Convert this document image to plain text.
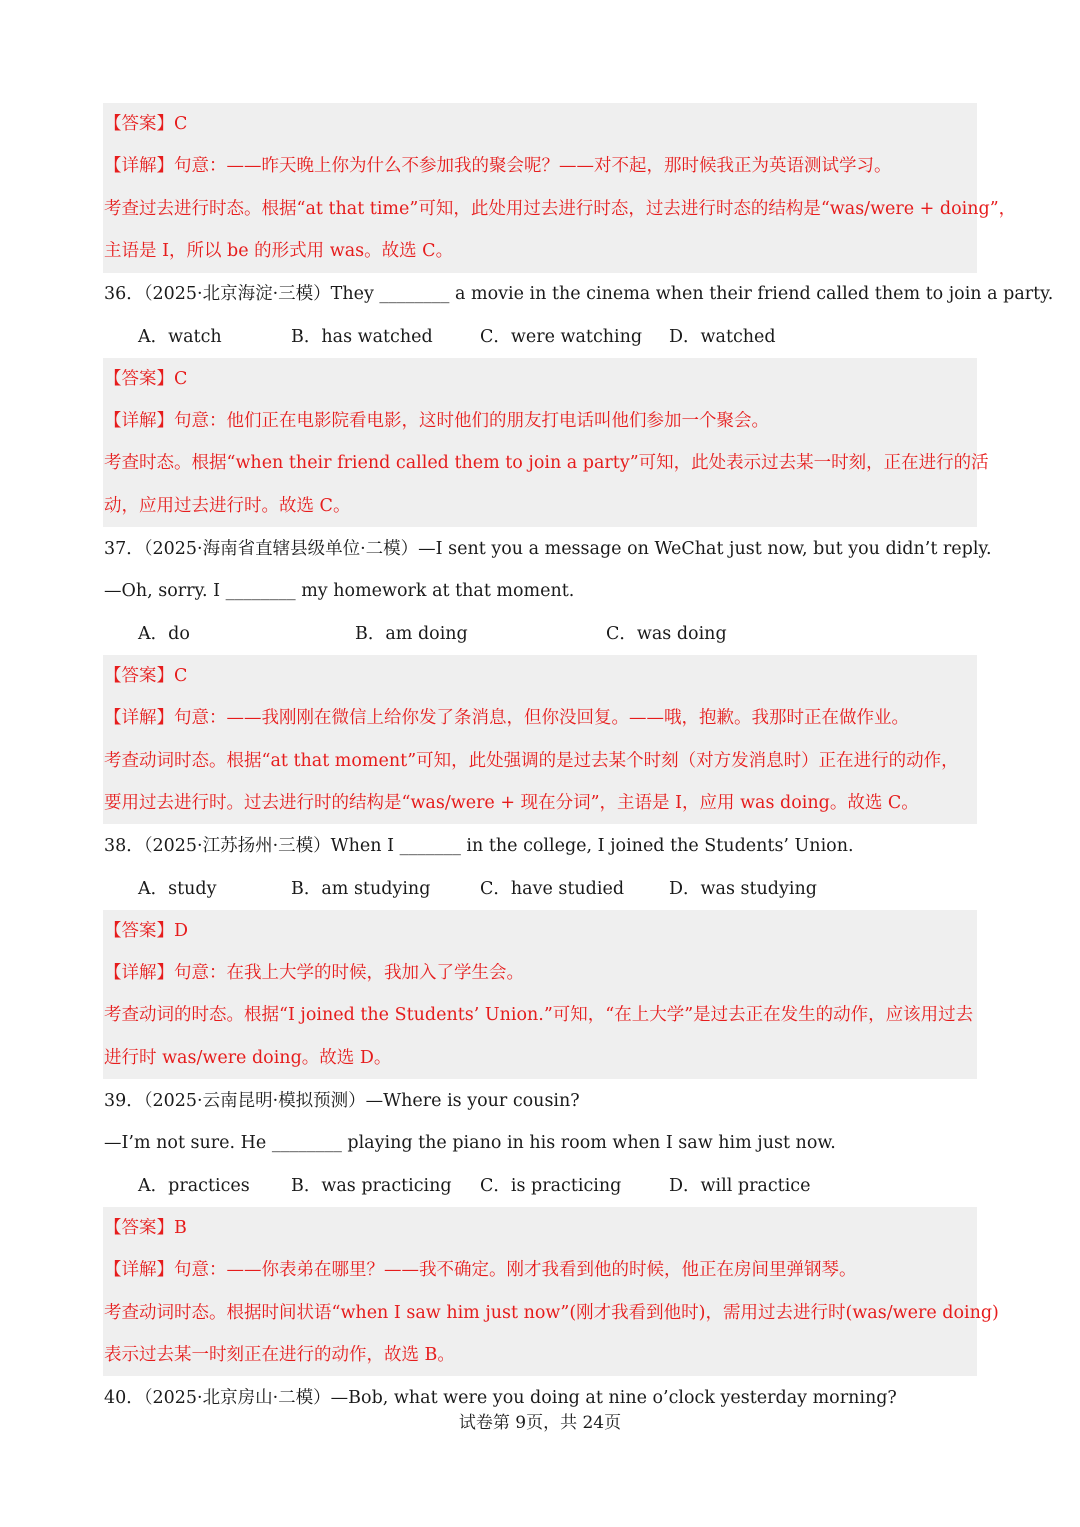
【答案】C
【详解】句意：——昨天晚上你为什么不参加我的聚会呢？——对不起，那时候我正为英语测试学习。
考查过去进行时态。根据“at that time”可知，此处用过去进行时态，过去进行时态的结构是“was/were + doing”，
主语是 I，所以 be 的形式用 was。故选 C。
36．（2025·北京海淀·三模）They ________ a movie in the cinema when their friend called them to join a party.
A．watch	B．has watched	C．were watching D．watched
【答案】C
【详解】句意：他们正在电影院看电影，这时他们的朋友打电话叫他们参加一个聚会。
考查时态。根据“when their friend called them to join a party”可知，此处表示过去某一时刻，正在进行的活
动，应用过去进行时。故选 C。
37．（2025·海南省直辖县级单位·二模）—I sent you a message on WeChat just now, but you didn’t reply.
—Oh, sorry. I ________ my homework at that moment.
A．do	B．am doing	C．was doing
【答案】C
【详解】句意：——我刚刚在微信上给你发了条消息，但你没回复。——哦，抱歉。我那时正在做作业。
考查动词时态。根据“at that moment”可知，此处强调的是过去某个时刻（对方发消息时）正在进行的动作，
要用过去进行时。过去进行时的结构是“was/were + 现在分词”，主语是 I，应用 was doing。故选 C。
38．（2025·江苏扬州·三模）When I _______ in the college, I joined the Students’ Union.
A．study	B．am studying	C．have studied	D．was studying
【答案】D
【详解】句意：在我上大学的时候，我加入了学生会。
考查动词的时态。根据“I joined the Students’ Union.”可知，“在上大学”是过去正在发生的动作，应该用过去
进行时 was/were doing。故选 D。
39．（2025·云南昆明·模拟预测）—Where is your cousin?
—I’m not sure. He ________ playing the piano in his room when I saw him just now.
A．practices B．was practicing C．is practicing	D．will practice
【答案】B
【详解】句意：——你表弟在哪里？——我不确定。刚才我看到他的时候，他正在房间里弹钢琴。
考查动词时态。根据时间状语“when I saw him just now”(刚才我看到他时)，需用过去进行时(was/were doing)
表示过去某一时刻正在进行的动作，故选 B。
40．（2025·北京房山·二模）—Bob, what were you doing at nine o’clock yesterday morning?
试卷第 9页，共 24页
